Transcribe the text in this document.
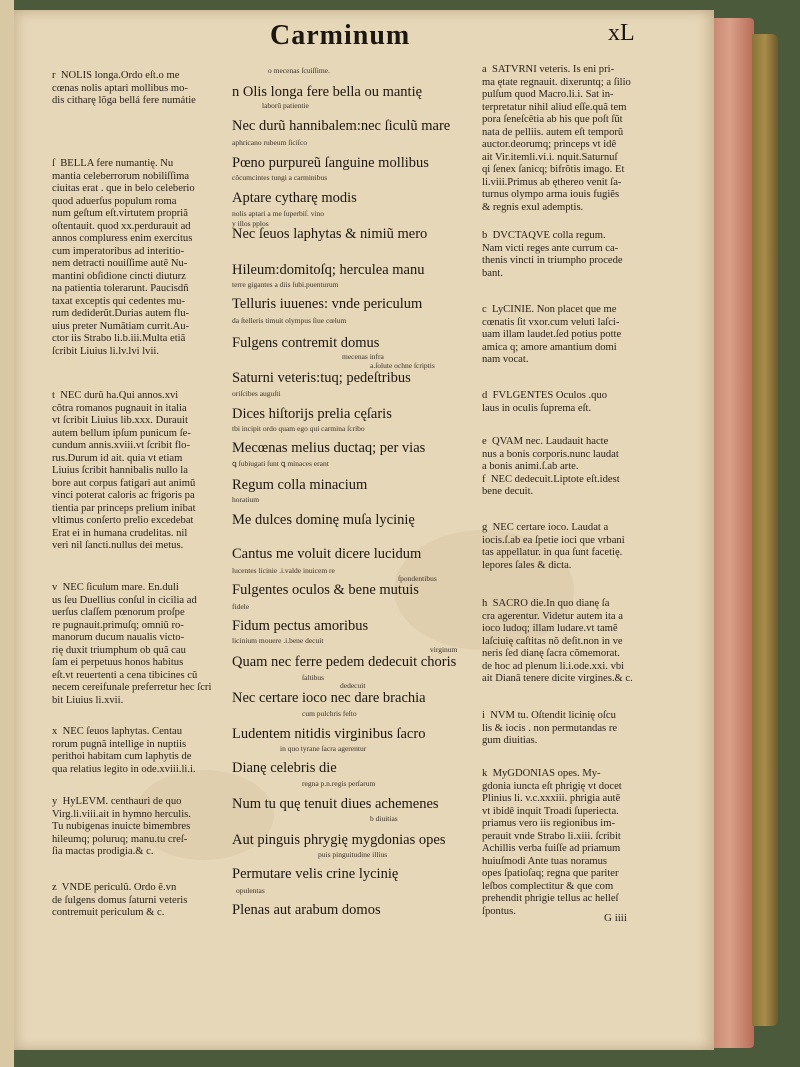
Carminum	xL
r  NOLIS longa.Ordo eſt.o me
cœnas nolis aptari mollibus mo-
dis citharę lõga bellá fere numátie
ſ  BELLA fere numantię. Nu
mantia celeberrorum nobiliſſima
ciuitas erat . que in belo celeberio
quod aduerſus populum roma
num geſtum eſt.virtutem propriã
oſtentauit. quod xx.perdurauit ad
annos compluress enim exercitus
cum imperatoribus ad interitio-
nem detracti nouiſſime autẽ Nu-
mantini obſidione cincti diuturz
na patientia tolerarunt. Paucisdñ
taxat exceptis qui cedentes mu-
rum dediderũt.Durias autem flu-
uius preter Numãtiam currit.Au-
ctor iis Strabo li.b.iii.Multa etiã
ſcribit Liuius li.lv.lvi lvii.
t  NEC durũ ha.Qui annos.xvi
cõtra romanos pugnauit in italia
vt ſcribit Liuius lib.xxx. Durauit
autem bellum ipſum punicum ſe-
cundum annis.xviii.vt ſcribit flo-
rus.Durum id ait. quia vt etiam
Liuius ſcribit hannibalis nullo la
bore aut corpus fatigari aut animũ
vinci poterat caloris ac frigoris pa
tientia par princeps prelium inibat
vltimus conſerto prelio excedebat
Erat ei in humana crudelitas. nil
veri nil ſancti.nullus dei metus.
v  NEC ſiculum mare. En.duli
us ſeu Duellius conſul in cicilia ad
uerſus claſſem pœnorum proſpe
re pugnauit.primuſq; omniũ ro-
manorum ducum naualis victo-
rię duxit triumphum ob quã cau
ſam ei perpetuus honos habitus
eſt.vt reuertenti a cena tibicines cũ
necem cereifunale preferretur hec ſcri
bit Liuius li.xvii.
x  NEC ſeuos laphytas. Centau
rorum pugnã intellige in nuptiis
perithoi habitam cum laphytis de
qua relatius legito in ode.xviii.li.i.
y  HyLEVM. centhauri de quo
Virg.li.viii.ait in hymno herculis.
Tu nubigenas inuicte bimembres
hileumq; poluruq; manu.tu creſ-
ſia mactas prodigia.& c.
z  VNDE periculũ. Ordo ẽ.vn
de ſulgens domus ſaturni veteris
contremuit periculum & c.
n Olis longa fere bella ou mantię
Nec durũ hannibalem:nec ſiculũ mare
Pœno purpureũ ſanguine mollibus
Aptare cytharę modis
Nec ſeuos laphytas & nimiũ mero
Hileum:domitoſq; herculea manu
Telluris iuuenes: vnde periculum
Fulgens contremit domus
Saturni veteris:tuq; pedeſtribus
Dices hiſtorijs prelia cęſaris
Mecœnas melius ductaq; per vias
Regum colla minacium
Me dulces dominę muſa lycinię
Cantus me voluit dicere lucidum
Fulgentes oculos & bene mutuis
Fidum pectus amoribus
Quam nec ferre pedem dedecuit choris
Nec certare ioco nec dare brachia
Ludentem nitidis virginibus ſacro
Dianę celebris die
Num tu quę tenuit diues achemenes
Aut pinguis phrygię mygdonias opes
Permutare velis crine lycinię
Plenas aut arabum domos
o mecenas ſcuiſſime.
laborũ patientie
aphricano rubeum ſiciſco
cõcumcintes tungi a carminibus
nolis aptari a me ſuperbiſ. vino
y illos pplos
terre gigantes a diis ſubi.puenturum
da ſtelleris timuit olympus ſiue cœlum
mecenas infra
a.ſolute ochne ſcriptis
oriſcibes auguſti
tbi incipit ordo quam ego qui carmina ſcribo
ꝗ ſubiugati ſunt ꝗ minaces erant
horatium
lucentes licinie .i.valde inuicem re
ſpondentibus
fidele
licinium mouere .i.bene decuit
virginum
ſaltibus
dedecuit
cum pulchris feſto
in quo tyrane ſacra agerentur
regna p.n.regis perſarum
b diuitias
puis pinguitudine illius
opulentas
a  SATVRNI veteris. Is eni pri-
ma ętate regnauit. dixeruntq; a ſilio
pulſum quod Macro.li.i. Sat in-
terpretatur nihil aliud eſſe.quã tem
pora ſeneſcêtia ab his que poſt ſũt
nata de pelliis. autem eſt temporũ
auctor.deorumq; princeps vt idê
ait Vir.itemli.vi.i. nquit.Saturnuſ
qi ſenex ſanicq; bifrõtis imago. Et
li.viii.Primus ab ęthereo venit ſa-
turnus olympo arma iouis fugiẽs
& regnis exul ademptis.
b  DVCTAQVE colla regum.
Nam victi reges ante currum ca-
thenis vincti in triumpho procede
bant.
c  LyCINIE. Non placet que me
cœnatis ſit vxor.cum veluti laſci-
uam illam laudet.ſed potius potte
amica q; amore amantium domi
nam vocat.
d  FVLGENTES Oculos .quo
laus in oculis ſuprema eſt.
e  QVAM nec. Laudauit hacte
nus a bonis corporis.nunc laudat
a bonis animi.ſ.ab arte.
f  NEC dedecuit.Liptote eſt.idest
bene decuit.
g  NEC certare ioco. Laudat a
iocis.ſ.ab ea ſpetie ioci que vrbani
tas appellatur. in qua ſunt facetię.
lepores ſales & dicta.
h  SACRO die.In quo dianę ſa
cra agerentur. Videtur autem ita a
ioco ludoq; illam ludare.vt tamẽ
laſciuię caſtitas nõ deſit.non in ve
neris ſed dianę ſacra cõmemorat.
de hoc ad plenum li.i.ode.xxi. vbi
ait Dianã tenere dicite virgines.& c.
i  NVM tu. Oſtendit licinię oſcu
lis & iocis . non permutandas re
gum diuitias.
k  MyGDONIAS opes. My-
gdonia iuncta eſt phrigię vt docet
Plinius li. v.c.xxxiii. phrigia autẽ
vt ibidê inquit Troadi ſuperiecta.
priamus vero iis regionibus im-
perauit vnde Strabo li.xiii. ſcribit
Achillis verba fuiſſe ad priamum
huiuſmodi Ante tuas noramus
opes ſpatioſaq; regna que pariter
leſbos complectitur & que com
prehendit phrigie tellus ac helleſ
ſpontus.
G iiii
